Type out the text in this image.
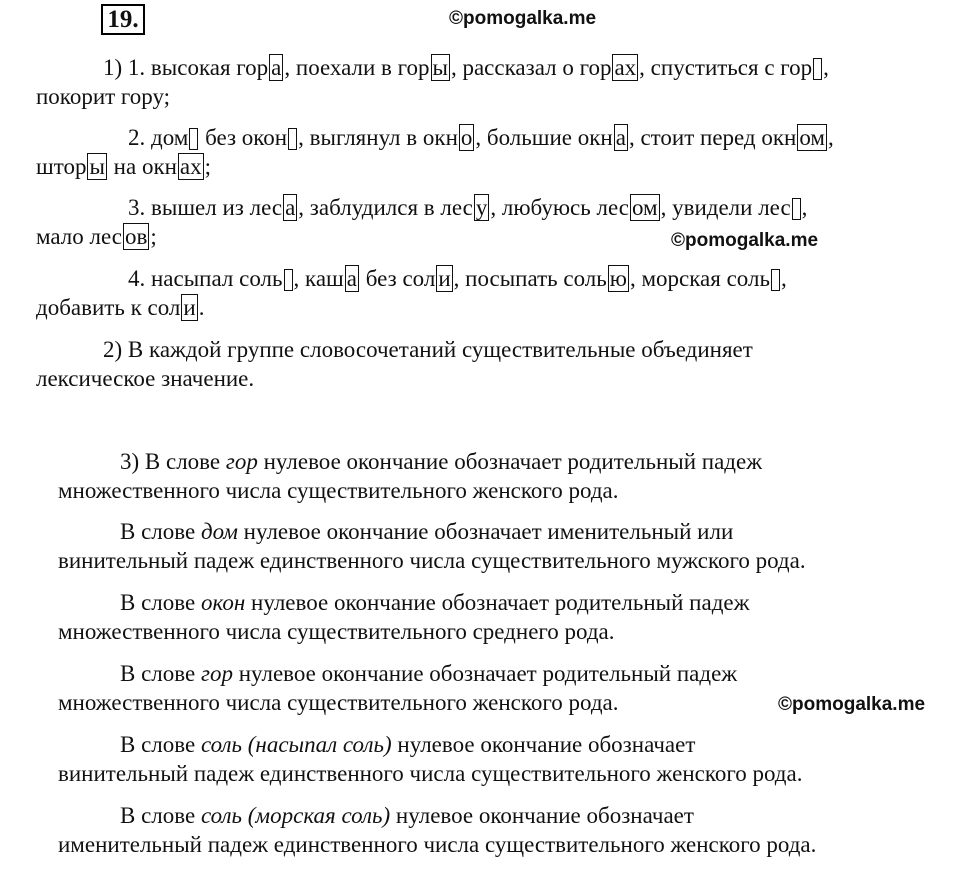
19.	©pomogalka.me
1) 1. высокая гор а , поехали в гор ы , рассказал о гор ах , спуститься с гор ,
покорит гору;
2. дом без окон , выглянул в окн о , большие окн а , стоит перед окн ом ,
штор ы на окн ах ;
3. вышел из лес а , заблудился в лес у , любуюсь лес ом , увидели лес ,
мало лес ов ;	©pomogalka.me
4. насыпал соль , каш а без сол и , посыпать соль ю , морская соль ,
добавить к сол и .
2) В каждой группе словосочетаний существительные объединяет
лексическое значение.
3) В слове гор нулевое окончание обозначает родительный падеж
множественного числа существительного женского рода.
В слове дом нулевое окончание обозначает именительный или
винительный падеж единственного числа существительного мужского рода.
В слове окон нулевое окончание обозначает родительный падеж
множественного числа существительного среднего рода.
В слове гор нулевое окончание обозначает родительный падеж
множественного числа существительного женского рода.	©pomogalka.me
В слове соль (насыпал соль) нулевое окончание обозначает
винительный падеж единственного числа существительного женского рода.
В слове соль (морская соль) нулевое окончание обозначает
именительный падеж единственного числа существительного женского рода.
